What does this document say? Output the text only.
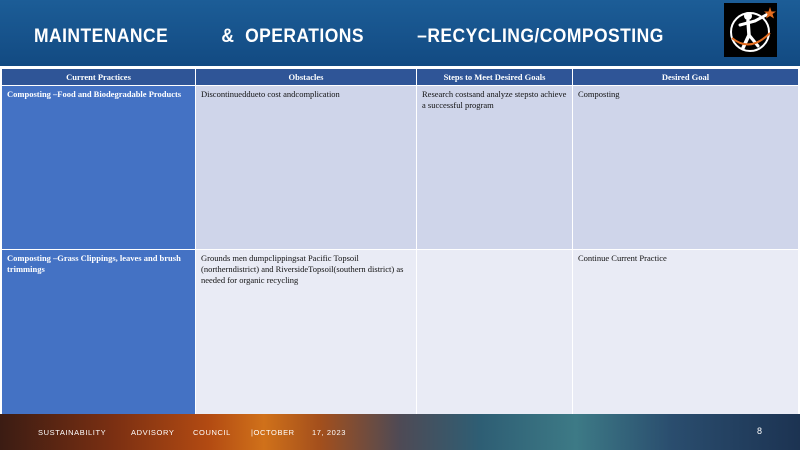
MAINTENANCE          &  OPERATIONS          –RECYCLING/COMPOSTING
Current Practices	Obstacles	Steps to Meet Desired Goals	Desired Goal
Composting –Food and Biodegradable Products	Discontinueddueto cost andcomplication	Research costsand analyze stepsto achieve a successful program	Composting
Composting –Grass Clippings, leaves and brush trimmings	Grounds men dumpclippingsat Pacific Topsoil (northerndistrict) and RiversideTopsoil(southern district) as needed for organic recycling		Continue Current Practice
SUSTAINABILITY	ADVISORY COUNCIL	|OCTOBER 17, 2023	8
